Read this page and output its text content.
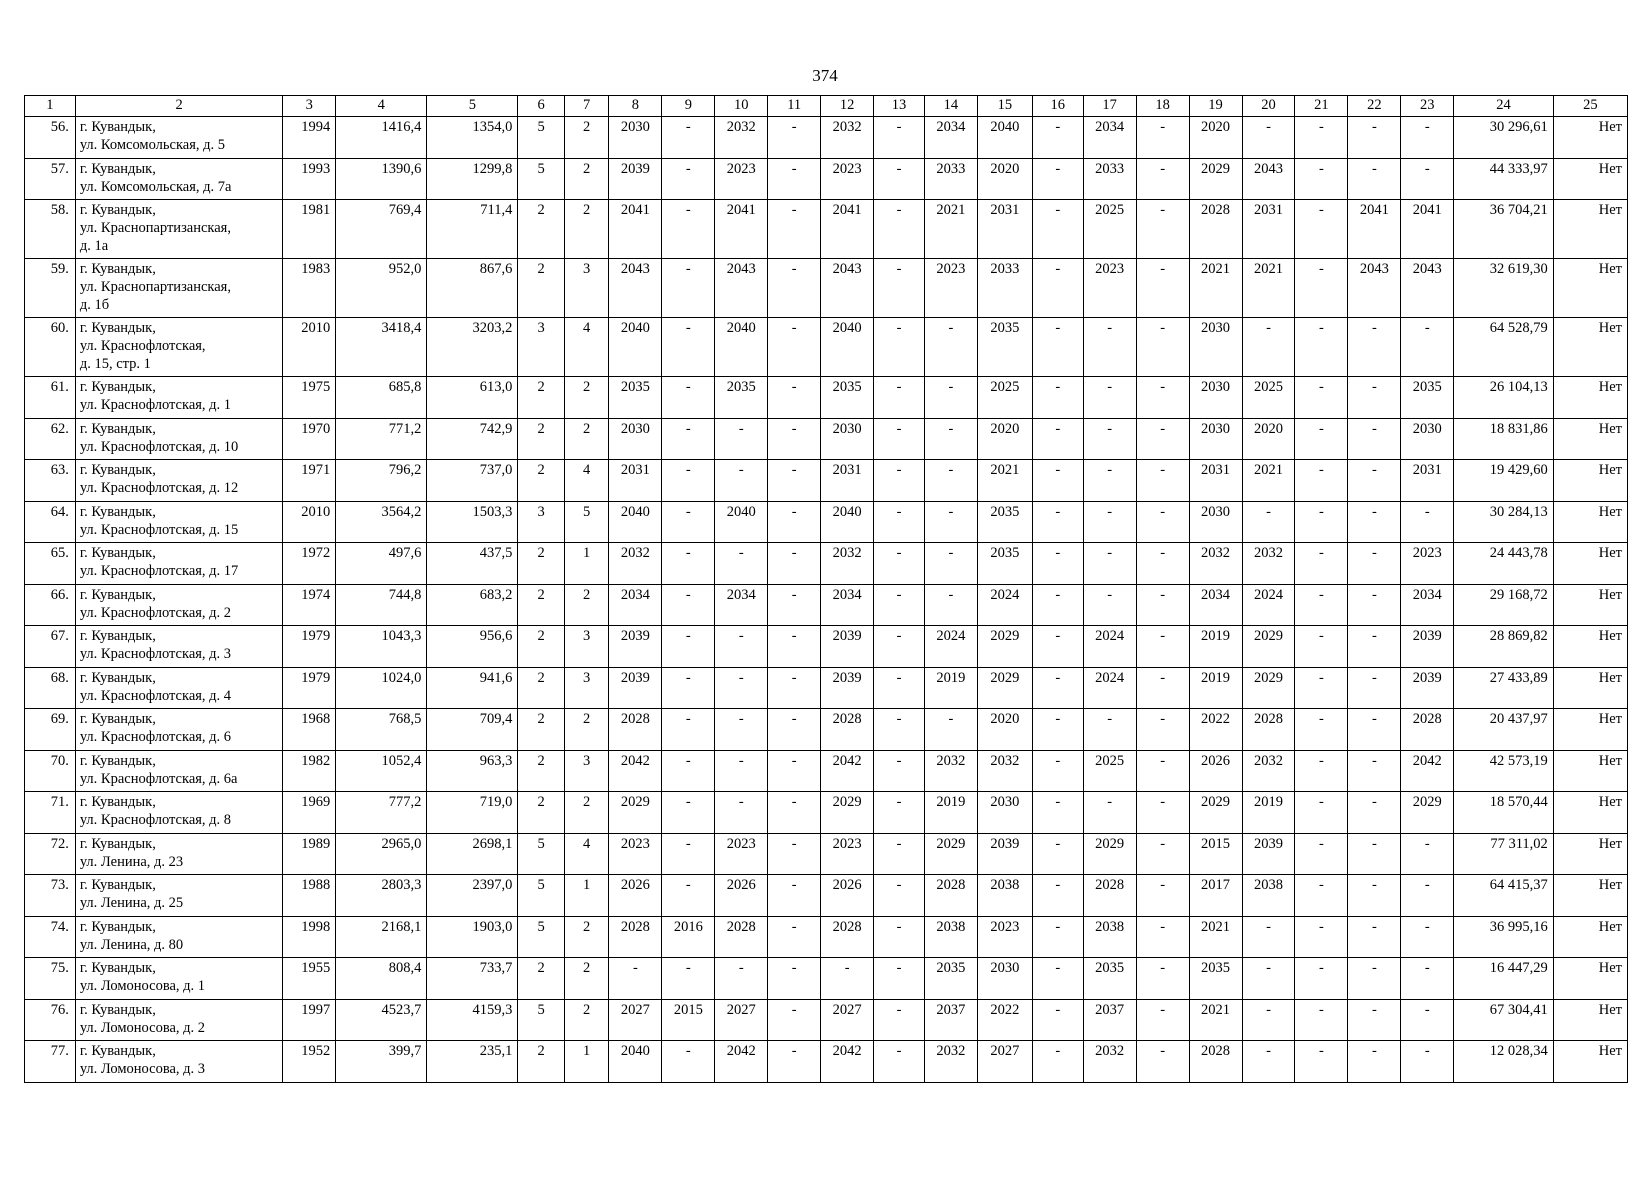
374
1	2	3	4	5	6	7	8	9	10	11	12	13	14	15	16	17	18	19	20	21	22	23	24	25
56.	г. Кувандык,
ул. Комсомольская, д. 5	1994	1416,4	1354,0	5	2	2030	-	2032	-	2032	-	2034	2040	-	2034	-	2020	-	-	-	-	30 296,61	Нет
57.	г. Кувандык,
ул. Комсомольская, д. 7а	1993	1390,6	1299,8	5	2	2039	-	2023	-	2023	-	2033	2020	-	2033	-	2029	2043	-	-	-	44 333,97	Нет
58.	г. Кувандык,
ул. Краснопартизанская,
д. 1а	1981	769,4	711,4	2	2	2041	-	2041	-	2041	-	2021	2031	-	2025	-	2028	2031	-	2041	2041	36 704,21	Нет
59.	г. Кувандык,
ул. Краснопартизанская,
д. 1б	1983	952,0	867,6	2	3	2043	-	2043	-	2043	-	2023	2033	-	2023	-	2021	2021	-	2043	2043	32 619,30	Нет
60.	г. Кувандык,
ул. Краснофлотская,
д. 15, стр. 1	2010	3418,4	3203,2	3	4	2040	-	2040	-	2040	-	-	2035	-	-	-	2030	-	-	-	-	64 528,79	Нет
61.	г. Кувандык,
ул. Краснофлотская, д. 1	1975	685,8	613,0	2	2	2035	-	2035	-	2035	-	-	2025	-	-	-	2030	2025	-	-	2035	26 104,13	Нет
62.	г. Кувандык,
ул. Краснофлотская, д. 10	1970	771,2	742,9	2	2	2030	-	-	-	2030	-	-	2020	-	-	-	2030	2020	-	-	2030	18 831,86	Нет
63.	г. Кувандык,
ул. Краснофлотская, д. 12	1971	796,2	737,0	2	4	2031	-	-	-	2031	-	-	2021	-	-	-	2031	2021	-	-	2031	19 429,60	Нет
64.	г. Кувандык,
ул. Краснофлотская, д. 15	2010	3564,2	1503,3	3	5	2040	-	2040	-	2040	-	-	2035	-	-	-	2030	-	-	-	-	30 284,13	Нет
65.	г. Кувандык,
ул. Краснофлотская, д. 17	1972	497,6	437,5	2	1	2032	-	-	-	2032	-	-	2035	-	-	-	2032	2032	-	-	2023	24 443,78	Нет
66.	г. Кувандык,
ул. Краснофлотская, д. 2	1974	744,8	683,2	2	2	2034	-	2034	-	2034	-	-	2024	-	-	-	2034	2024	-	-	2034	29 168,72	Нет
67.	г. Кувандык,
ул. Краснофлотская, д. 3	1979	1043,3	956,6	2	3	2039	-	-	-	2039	-	2024	2029	-	2024	-	2019	2029	-	-	2039	28 869,82	Нет
68.	г. Кувандык,
ул. Краснофлотская, д. 4	1979	1024,0	941,6	2	3	2039	-	-	-	2039	-	2019	2029	-	2024	-	2019	2029	-	-	2039	27 433,89	Нет
69.	г. Кувандык,
ул. Краснофлотская, д. 6	1968	768,5	709,4	2	2	2028	-	-	-	2028	-	-	2020	-	-	-	2022	2028	-	-	2028	20 437,97	Нет
70.	г. Кувандык,
ул. Краснофлотская, д. 6а	1982	1052,4	963,3	2	3	2042	-	-	-	2042	-	2032	2032	-	2025	-	2026	2032	-	-	2042	42 573,19	Нет
71.	г. Кувандык,
ул. Краснофлотская, д. 8	1969	777,2	719,0	2	2	2029	-	-	-	2029	-	2019	2030	-	-	-	2029	2019	-	-	2029	18 570,44	Нет
72.	г. Кувандык,
ул. Ленина, д. 23	1989	2965,0	2698,1	5	4	2023	-	2023	-	2023	-	2029	2039	-	2029	-	2015	2039	-	-	-	77 311,02	Нет
73.	г. Кувандык,
ул. Ленина, д. 25	1988	2803,3	2397,0	5	1	2026	-	2026	-	2026	-	2028	2038	-	2028	-	2017	2038	-	-	-	64 415,37	Нет
74.	г. Кувандык,
ул. Ленина, д. 80	1998	2168,1	1903,0	5	2	2028	2016	2028	-	2028	-	2038	2023	-	2038	-	2021	-	-	-	-	36 995,16	Нет
75.	г. Кувандык,
ул. Ломоносова, д. 1	1955	808,4	733,7	2	2	-	-	-	-	-	-	2035	2030	-	2035	-	2035	-	-	-	-	16 447,29	Нет
76.	г. Кувандык,
ул. Ломоносова, д. 2	1997	4523,7	4159,3	5	2	2027	2015	2027	-	2027	-	2037	2022	-	2037	-	2021	-	-	-	-	67 304,41	Нет
77.	г. Кувандык,
ул. Ломоносова, д. 3	1952	399,7	235,1	2	1	2040	-	2042	-	2042	-	2032	2027	-	2032	-	2028	-	-	-	-	12 028,34	Нет
